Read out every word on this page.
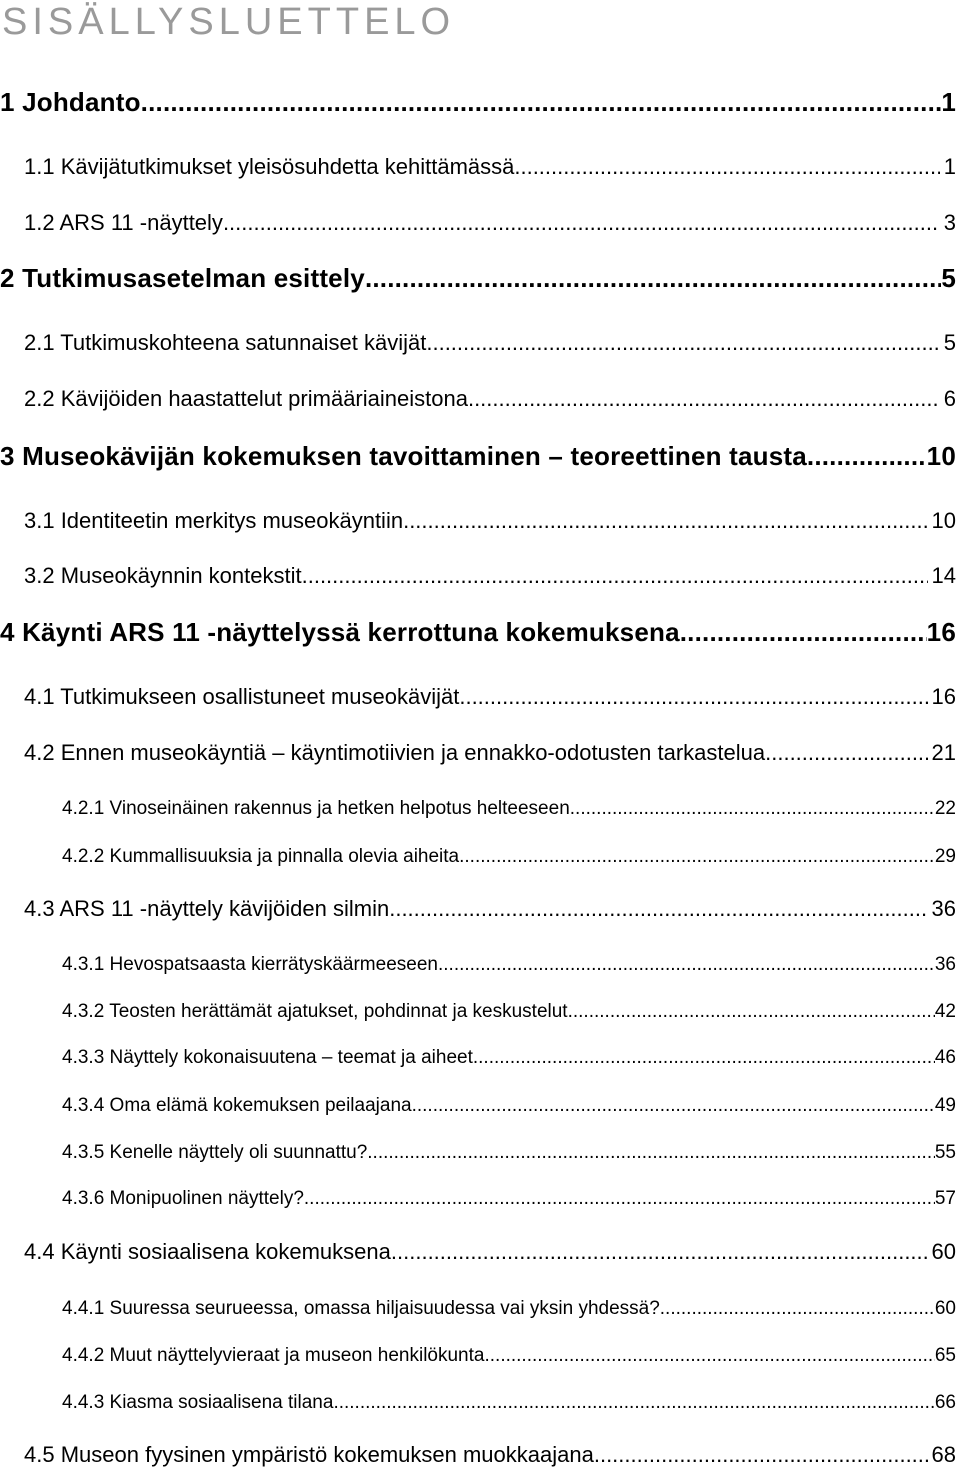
SISÄLLYSLUETTELO
1 Johdanto .....	1
1.1 Kävijätutkimukset yleisösuhdetta kehittämässä .....	1
1.2 ARS 11 -näyttely .....	3
2 Tutkimusasetelman esittely .....	5
2.1 Tutkimuskohteena satunnaiset kävijät .....	5
2.2 Kävijöiden haastattelut primääriaineistona .....	6
3 Museokävijän kokemuksen tavoittaminen – teoreettinen tausta .....	10
3.1 Identiteetin merkitys museokäyntiin .....	10
3.2 Museokäynnin kontekstit .....	14
4 Käynti ARS 11 -näyttelyssä kerrottuna kokemuksena .....	16
4.1 Tutkimukseen osallistuneet museokävijät .....	16
4.2 Ennen museokäyntiä – käyntimotiivien ja ennakko-odotusten tarkastelua .....	21
4.2.1 Vinoseinäinen rakennus ja hetken helpotus helteeseen .....	22
4.2.2 Kummallisuuksia ja pinnalla olevia aiheita .....	29
4.3 ARS 11 -näyttely kävijöiden silmin .....	36
4.3.1 Hevospatsaasta kierrätyskäärmeeseen .....	36
4.3.2 Teosten herättämät ajatukset, pohdinnat ja keskustelut .....	42
4.3.3 Näyttely kokonaisuutena – teemat ja aiheet .....	46
4.3.4 Oma elämä kokemuksen peilaajana .....	49
4.3.5 Kenelle näyttely oli suunnattu? .....	55
4.3.6 Monipuolinen näyttely? .....	57
4.4 Käynti sosiaalisena kokemuksena .....	60
4.4.1 Suuressa seurueessa, omassa hiljaisuudessa vai yksin yhdessä? .....	60
4.4.2 Muut näyttelyvieraat ja museon henkilökunta .....	65
4.4.3 Kiasma sosiaalisena tilana .....	66
4.5 Museon fyysinen ympäristö kokemuksen muokkaajana .....	68
